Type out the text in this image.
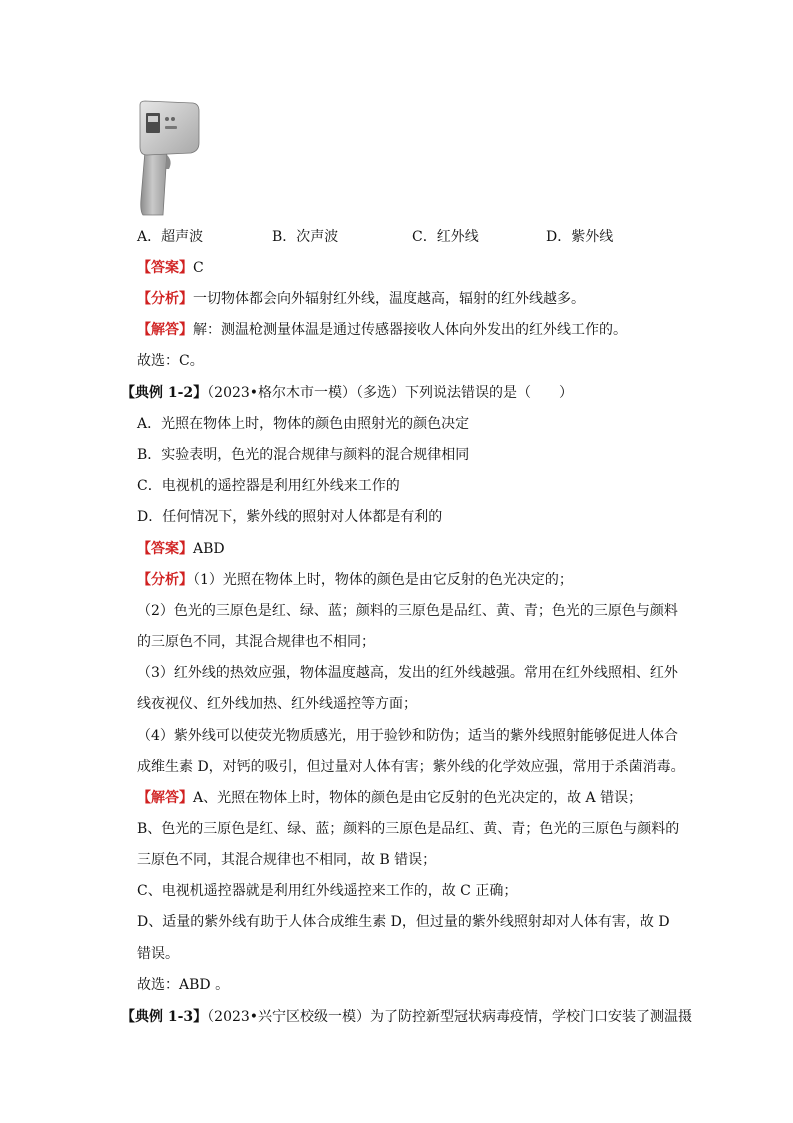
A．超声波	B．次声波	C．红外线	D．紫外线
【答案】C
【分析】一切物体都会向外辐射红外线，温度越高，辐射的红外线越多。
【解答】解：测温枪测量体温是通过传感器接收人体向外发出的红外线工作的。
故选：C。
【典例 1-2】（2023•格尔木市一模）（多选）下列说法错误的是（　　）
A．光照在物体上时，物体的颜色由照射光的颜色决定
B．实验表明，色光的混合规律与颜料的混合规律相同
C．电视机的遥控器是利用红外线来工作的
D．任何情况下，紫外线的照射对人体都是有利的
【答案】ABD
【分析】（1）光照在物体上时，物体的颜色是由它反射的色光决定的；
（2）色光的三原色是红、绿、蓝；颜料的三原色是品红、黄、青；色光的三原色与颜料
的三原色不同，其混合规律也不相同；
（3）红外线的热效应强，物体温度越高，发出的红外线越强。常用在红外线照相、红外
线夜视仪、红外线加热、红外线遥控等方面；
（4）紫外线可以使荧光物质感光，用于验钞和防伪；适当的紫外线照射能够促进人体合
成维生素 D，对钙的吸引，但过量对人体有害；紫外线的化学效应强，常用于杀菌消毒。
【解答】A、光照在物体上时，物体的颜色是由它反射的色光决定的，故 A 错误；
B、色光的三原色是红、绿、蓝；颜料的三原色是品红、黄、青；色光的三原色与颜料的
三原色不同，其混合规律也不相同，故 B 错误；
C、电视机遥控器就是利用红外线遥控来工作的，故 C 正确；
D、适量的紫外线有助于人体合成维生素 D，但过量的紫外线照射却对人体有害，故 D
错误。
故选：ABD 。
【典例 1-3】（2023•兴宁区校级一模）为了防控新型冠状病毒疫情，学校门口安装了测温摄
